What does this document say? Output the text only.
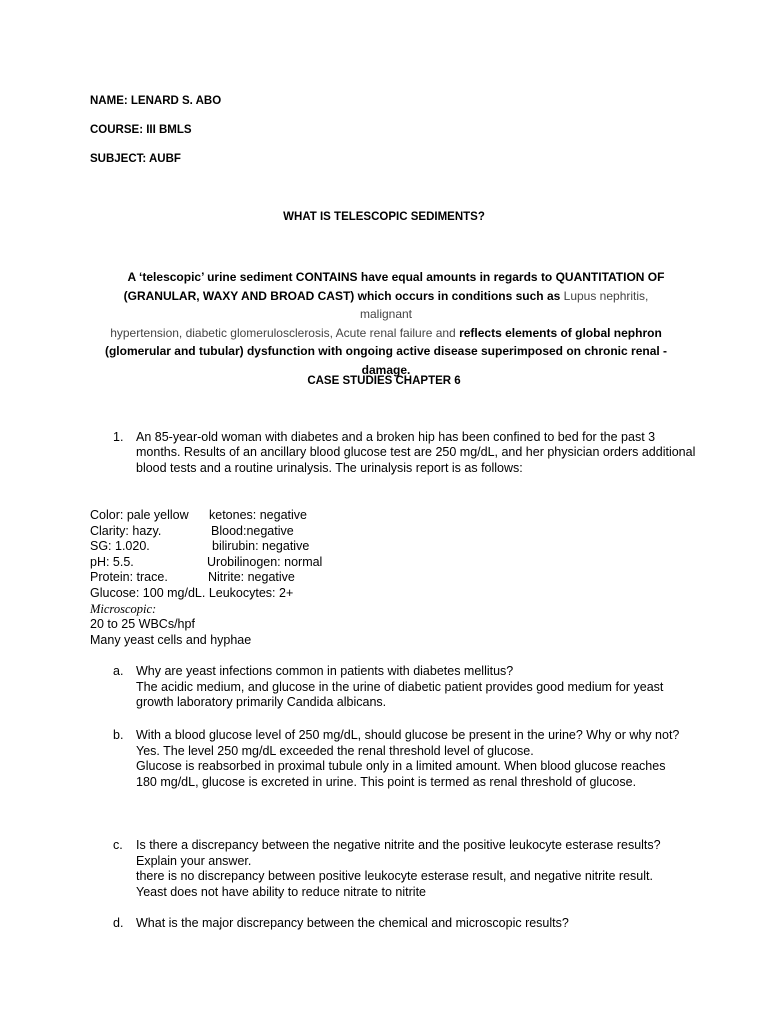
NAME: LENARD S. ABO
COURSE: III BMLS
SUBJECT: AUBF
WHAT IS TELESCOPIC SEDIMENTS?
A ‘telescopic’ urine sediment CONTAINS have equal amounts in regards to QUANTITATION OF
(GRANULAR, WAXY AND BROAD CAST) which occurs in conditions such as Lupus nephritis, malignant
hypertension, diabetic glomerulosclerosis, Acute renal failure and reflects elements of global nephron
(glomerular and tubular) dysfunction with ongoing active disease superimposed on chronic renal -
damage.
CASE STUDIES CHAPTER 6
1. An 85-year-old woman with diabetes and a broken hip has been confined to bed for the past 3 months. Results of an ancillary blood glucose test are 250 mg/dL, and her physician orders additional blood tests and a routine urinalysis. The urinalysis report is as follows:
Color: pale yellow ketones: negative
Clarity: hazy.	Blood:negative
SG: 1.020.	bilirubin: negative
pH: 5.5.	Urobilinogen: normal
Protein: trace.	Nitrite: negative
Glucose: 100 mg/dL. Leukocytes: 2+
Microscopic:
20 to 25 WBCs/hpf
Many yeast cells and hyphae
a. Why are yeast infections common in patients with diabetes mellitus?
The acidic medium, and glucose in the urine of diabetic patient provides good medium for yeast growth laboratory primarily Candida albicans.
b. With a blood glucose level of 250 mg/dL, should glucose be present in the urine? Why or why not?
Yes. The level 250 mg/dL exceeded the renal threshold level of glucose.
Glucose is reabsorbed in proximal tubule only in a limited amount. When blood glucose reaches 180 mg/dL, glucose is excreted in urine. This point is termed as renal threshold of glucose.
c. Is there a discrepancy between the negative nitrite and the positive leukocyte esterase results? Explain your answer.
there is no discrepancy between positive leukocyte esterase result, and negative nitrite result. Yeast does not have ability to reduce nitrate to nitrite
d. What is the major discrepancy between the chemical and microscopic results?
